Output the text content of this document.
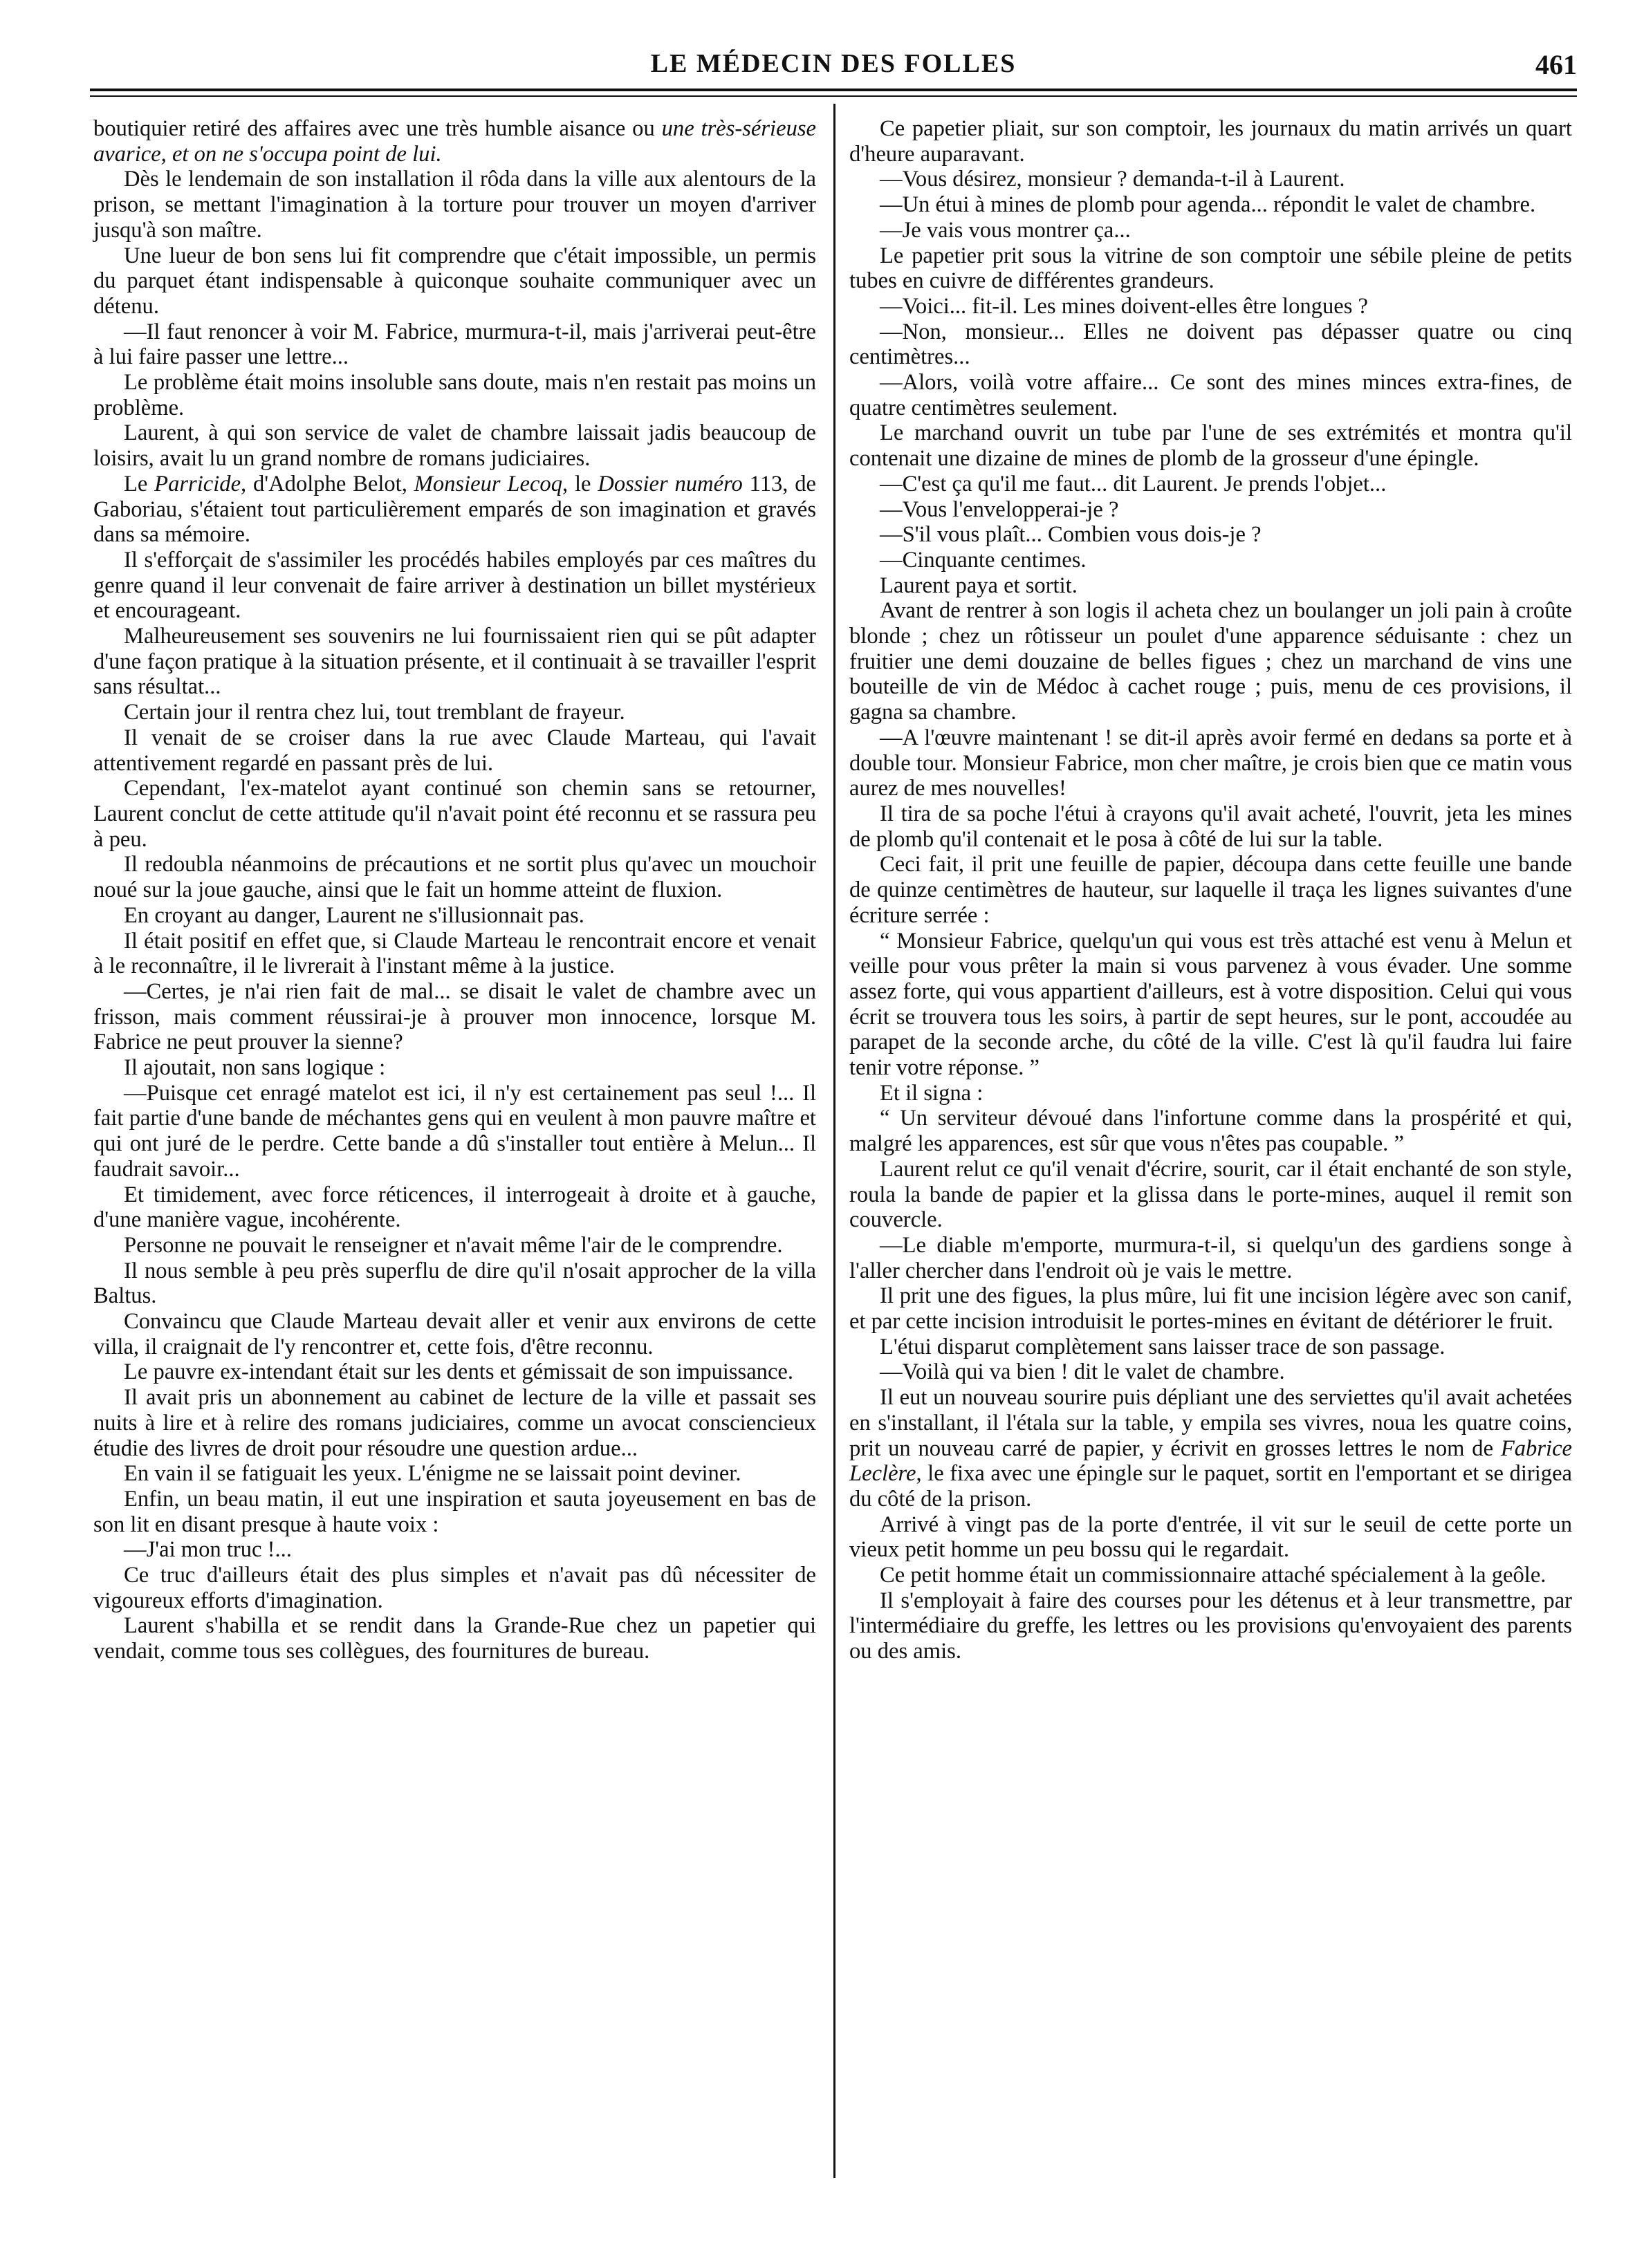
LE MÉDECIN DES FOLLES	461

boutiquier retiré des affaires avec une très humble aisance ou une très-sérieuse avarice, et on ne s'occupa point de lui.

Dès le lendemain de son installation il rôda dans la ville aux alentours de la prison, se mettant l'imagination à la torture pour trouver un moyen d'arriver jusqu'à son maître.

Une lueur de bon sens lui fit comprendre que c'était impossible, un permis du parquet étant indispensable à quiconque souhaite communiquer avec un détenu.

—Il faut renoncer à voir M. Fabrice, murmura-t-il, mais j'arriverai peut-être à lui faire passer une lettre...

Le problème était moins insoluble sans doute, mais n'en restait pas moins un problème.

Laurent, à qui son service de valet de chambre laissait jadis beaucoup de loisirs, avait lu un grand nombre de romans judiciaires.

Le Parricide, d'Adolphe Belot, Monsieur Lecoq, le Dossier numéro 113, de Gaboriau, s'étaient tout particulièrement emparés de son imagination et gravés dans sa mémoire.

Il s'efforçait de s'assimiler les procédés habiles employés par ces maîtres du genre quand il leur convenait de faire arriver à destination un billet mystérieux et encourageant.

Malheureusement ses souvenirs ne lui fournissaient rien qui se pût adapter d'une façon pratique à la situation présente, et il continuait à se travailler l'esprit sans résultat...

Certain jour il rentra chez lui, tout tremblant de frayeur.

Il venait de se croiser dans la rue avec Claude Marteau, qui l'avait attentivement regardé en passant près de lui.

Cependant, l'ex-matelot ayant continué son chemin sans se retourner, Laurent conclut de cette attitude qu'il n'avait point été reconnu et se rassura peu à peu.

Il redoubla néanmoins de précautions et ne sortit plus qu'avec un mouchoir noué sur la joue gauche, ainsi que le fait un homme atteint de fluxion.

En croyant au danger, Laurent ne s'illusionnait pas.

Il était positif en effet que, si Claude Marteau le rencontrait encore et venait à le reconnaître, il le livrerait à l'instant même à la justice.

—Certes, je n'ai rien fait de mal... se disait le valet de chambre avec un frisson, mais comment réussirai-je à prouver mon innocence, lorsque M. Fabrice ne peut prouver la sienne?

Il ajoutait, non sans logique :

—Puisque cet enragé matelot est ici, il n'y est certainement pas seul !... Il fait partie d'une bande de méchantes gens qui en veulent à mon pauvre maître et qui ont juré de le perdre. Cette bande a dû s'installer tout entière à Melun... Il faudrait savoir...

Et timidement, avec force réticences, il interrogeait à droite et à gauche, d'une manière vague, incohérente.

Personne ne pouvait le renseigner et n'avait même l'air de le comprendre.

Il nous semble à peu près superflu de dire qu'il n'osait approcher de la villa Baltus.

Convaincu que Claude Marteau devait aller et venir aux environs de cette villa, il craignait de l'y rencontrer et, cette fois, d'être reconnu.

Le pauvre ex-intendant était sur les dents et gémissait de son impuissance.

Il avait pris un abonnement au cabinet de lecture de la ville et passait ses nuits à lire et à relire des romans judiciaires, comme un avocat consciencieux étudie des livres de droit pour résoudre une question ardue...

En vain il se fatiguait les yeux. L'énigme ne se laissait point deviner.

Enfin, un beau matin, il eut une inspiration et sauta joyeusement en bas de son lit en disant presque à haute voix :

—J'ai mon truc !...

Ce truc d'ailleurs était des plus simples et n'avait pas dû nécessiter de vigoureux efforts d'imagination.

Laurent s'habilla et se rendit dans la Grande-Rue chez un papetier qui vendait, comme tous ses collègues, des fournitures de bureau.

Ce papetier pliait, sur son comptoir, les journaux du matin arrivés un quart d'heure auparavant.

—Vous désirez, monsieur ? demanda-t-il à Laurent.

—Un étui à mines de plomb pour agenda... répondit le valet de chambre.

—Je vais vous montrer ça...

Le papetier prit sous la vitrine de son comptoir une sébile pleine de petits tubes en cuivre de différentes grandeurs.

—Voici... fit-il. Les mines doivent-elles être longues ?

—Non, monsieur... Elles ne doivent pas dépasser quatre ou cinq centimètres...

—Alors, voilà votre affaire... Ce sont des mines minces extra-fines, de quatre centimètres seulement.

Le marchand ouvrit un tube par l'une de ses extrémités et montra qu'il contenait une dizaine de mines de plomb de la grosseur d'une épingle.

—C'est ça qu'il me faut... dit Laurent. Je prends l'objet...

—Vous l'envelopperai-je ?

—S'il vous plaît... Combien vous dois-je ?

—Cinquante centimes.

Laurent paya et sortit.

Avant de rentrer à son logis il acheta chez un boulanger un joli pain à croûte blonde ; chez un rôtisseur un poulet d'une apparence séduisante : chez un fruitier une demi douzaine de belles figues ; chez un marchand de vins une bouteille de vin de Médoc à cachet rouge ; puis, menu de ces provisions, il gagna sa chambre.

—A l'œuvre maintenant ! se dit-il après avoir fermé en dedans sa porte et à double tour. Monsieur Fabrice, mon cher maître, je crois bien que ce matin vous aurez de mes nouvelles!

Il tira de sa poche l'étui à crayons qu'il avait acheté, l'ouvrit, jeta les mines de plomb qu'il contenait et le posa à côté de lui sur la table.

Ceci fait, il prit une feuille de papier, découpa dans cette feuille une bande de quinze centimètres de hauteur, sur laquelle il traça les lignes suivantes d'une écriture serrée :

“ Monsieur Fabrice, quelqu'un qui vous est très attaché est venu à Melun et veille pour vous prêter la main si vous parvenez à vous évader. Une somme assez forte, qui vous appartient d'ailleurs, est à votre disposition. Celui qui vous écrit se trouvera tous les soirs, à partir de sept heures, sur le pont, accoudée au parapet de la seconde arche, du côté de la ville. C'est là qu'il faudra lui faire tenir votre réponse. ”

Et il signa :

“ Un serviteur dévoué dans l'infortune comme dans la prospérité et qui, malgré les apparences, est sûr que vous n'êtes pas coupable. ”

Laurent relut ce qu'il venait d'écrire, sourit, car il était enchanté de son style, roula la bande de papier et la glissa dans le porte-mines, auquel il remit son couvercle.

—Le diable m'emporte, murmura-t-il, si quelqu'un des gardiens songe à l'aller chercher dans l'endroit où je vais le mettre.

Il prit une des figues, la plus mûre, lui fit une incision légère avec son canif, et par cette incision introduisit le portes-mines en évitant de détériorer le fruit.

L'étui disparut complètement sans laisser trace de son passage.

—Voilà qui va bien ! dit le valet de chambre.

Il eut un nouveau sourire puis dépliant une des serviettes qu'il avait achetées en s'installant, il l'étala sur la table, y empila ses vivres, noua les quatre coins, prit un nouveau carré de papier, y écrivit en grosses lettres le nom de Fabrice Leclère, le fixa avec une épingle sur le paquet, sortit en l'emportant et se dirigea du côté de la prison.

Arrivé à vingt pas de la porte d'entrée, il vit sur le seuil de cette porte un vieux petit homme un peu bossu qui le regardait.

Ce petit homme était un commissionnaire attaché spécialement à la geôle.

Il s'employait à faire des courses pour les détenus et à leur transmettre, par l'intermédiaire du greffe, les lettres ou les provisions qu'envoyaient des parents ou des amis.
